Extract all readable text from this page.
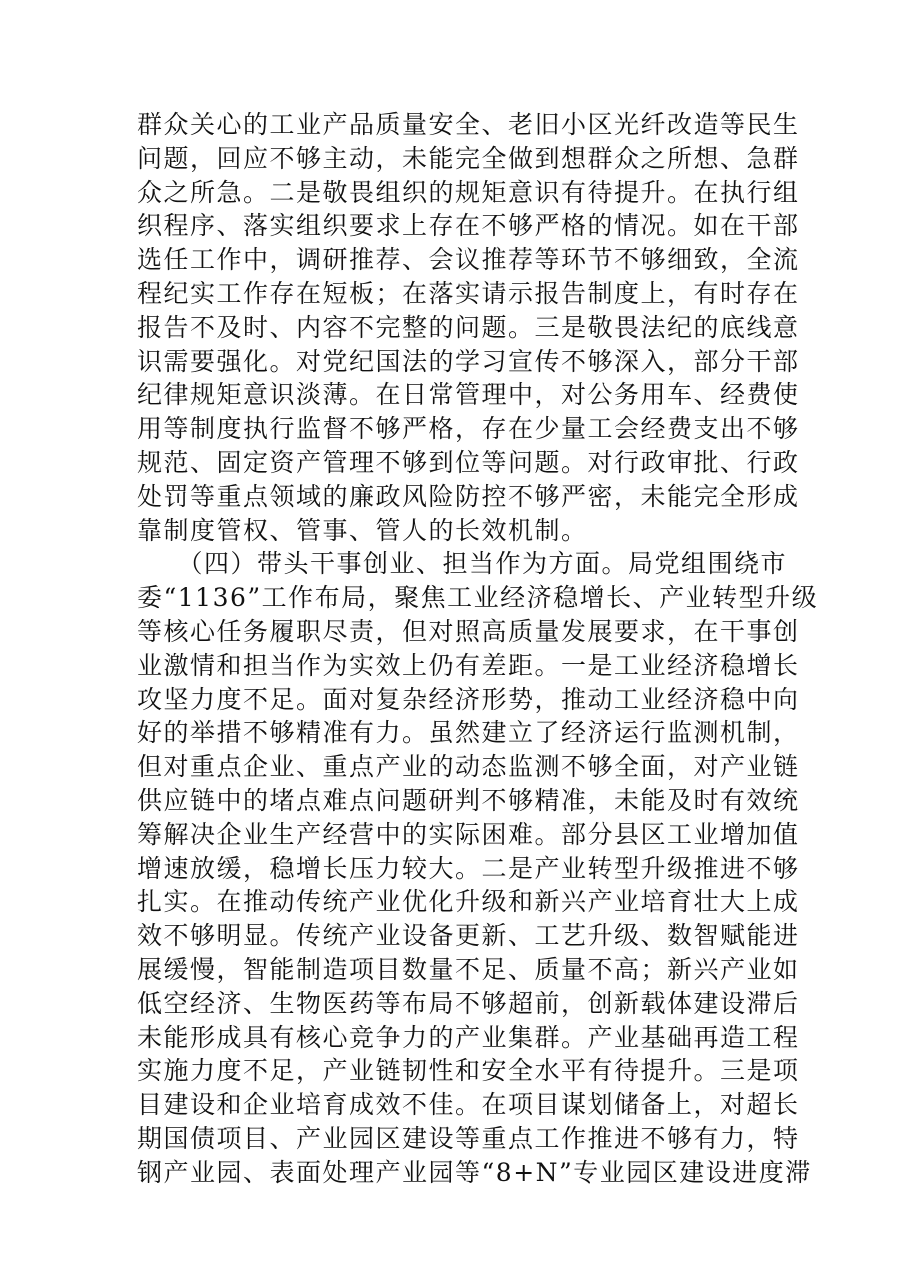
群众关心的工业产品质量安全、老旧小区光纤改造等民生
问题，回应不够主动，未能完全做到想群众之所想、急群
众之所急。二是敬畏组织的规矩意识有待提升。在执行组
织程序、落实组织要求上存在不够严格的情况。如在干部
选任工作中，调研推荐、会议推荐等环节不够细致，全流
程纪实工作存在短板；在落实请示报告制度上，有时存在
报告不及时、内容不完整的问题。三是敬畏法纪的底线意
识需要强化。对党纪国法的学习宣传不够深入，部分干部
纪律规矩意识淡薄。在日常管理中，对公务用车、经费使
用等制度执行监督不够严格，存在少量工会经费支出不够
规范、固定资产管理不够到位等问题。对行政审批、行政
处罚等重点领域的廉政风险防控不够严密，未能完全形成
靠制度管权、管事、管人的长效机制。
　　（四）带头干事创业、担当作为方面。局党组围绕市
委“1136”工作布局，聚焦工业经济稳增长、产业转型升级
等核心任务履职尽责，但对照高质量发展要求，在干事创
业激情和担当作为实效上仍有差距。一是工业经济稳增长
攻坚力度不足。面对复杂经济形势，推动工业经济稳中向
好的举措不够精准有力。虽然建立了经济运行监测机制，
但对重点企业、重点产业的动态监测不够全面，对产业链
供应链中的堵点难点问题研判不够精准，未能及时有效统
筹解决企业生产经营中的实际困难。部分县区工业增加值
增速放缓，稳增长压力较大。二是产业转型升级推进不够
扎实。在推动传统产业优化升级和新兴产业培育壮大上成
效不够明显。传统产业设备更新、工艺升级、数智赋能进
展缓慢，智能制造项目数量不足、质量不高；新兴产业如
低空经济、生物医药等布局不够超前，创新载体建设滞后
未能形成具有核心竞争力的产业集群。产业基础再造工程
实施力度不足，产业链韧性和安全水平有待提升。三是项
目建设和企业培育成效不佳。在项目谋划储备上，对超长
期国债项目、产业园区建设等重点工作推进不够有力，特
钢产业园、表面处理产业园等“8+N”专业园区建设进度滞
